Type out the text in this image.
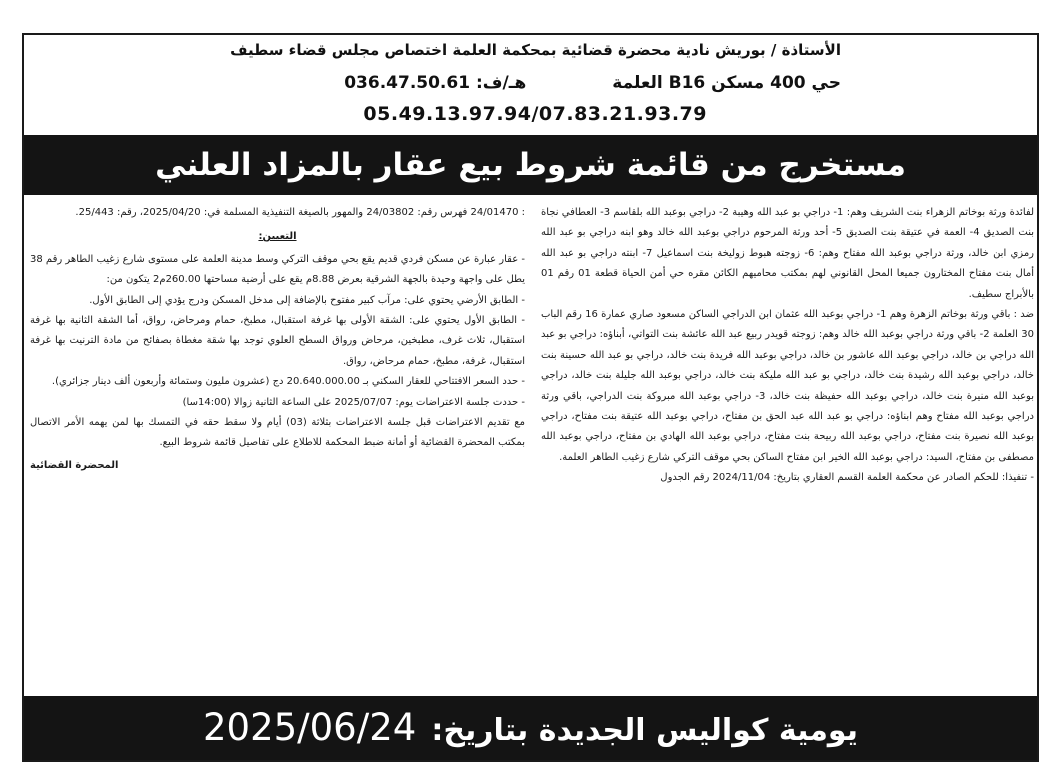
الأستاذة / بوريش نادية محضرة قضائية بمحكمة العلمة اختصاص مجلس قضاء سطيف
حي 400 مسكن B16 العلمة هـ/ف: 036.47.50.61
05.49.13.97.94/07.83.21.93.79
مستخرج من قائمة شروط بيع عقار بالمزاد العلني

لفائدة ورثة بوخاتم الزهراء بنت الشريف وهم: 1- دراجي بو عبد الله وهيبة 2- دراجي بوعبد الله بلقاسم 3- العطافي نجاة بنت الصديق 4- العمة في عتيقة بنت الصديق 5- أحد ورثة المرحوم دراجي بوعبد الله خالد وهو ابنه دراجي بو عبد الله رمزي ابن خالد، ورثة دراجي بوعبد الله مفتاح وهم: 6- زوجته هبوط زوليخة بنت اسماعيل 7- ابنته دراجي بو عبد الله أمال بنت مفتاح المختارون جميعا المحل القانوني لهم بمكتب محاميهم الكائن مقره حي أمن الحياة قطعة 01 رقم 01 بالأبراج سطيف.

ضد : باقي ورثة بوخاتم الزهرة وهم 1- دراجي بوعبد الله عثمان ابن الدراجي الساكن مسعود صاري عمارة 16 رقم الباب 30 العلمة 2- باقي ورثة دراجي بوعبد الله خالد وهم: زوجته قويدر ربيع عبد الله عائشة بنت التواتي، أبناؤه: دراجي بو عبد الله دراجي بن خالد، دراجي بوعبد الله عاشور بن خالد، دراجي بوعبد الله فريدة بنت خالد، دراجي بو عبد الله حسينة بنت خالد، دراجي بوعبد الله رشيدة بنت خالد، دراجي بو عبد الله مليكة بنت خالد، دراجي بوعبد الله جليلة بنت خالد، دراجي بوعبد الله منيرة بنت خالد، دراجي بوعبد الله حفيظة بنت خالد، 3- دراجي بوعبد الله مبروكة بنت الدراجي، باقي ورثة دراجي بوعبد الله مفتاح وهم ابناؤه: دراجي بو عبد الله عبد الحق بن مفتاح، دراجي بوعبد الله عتيقة بنت مفتاح، دراجي بوعبد الله نصيرة بنت مفتاح، دراجي بوعبد الله ربيحة بنت مفتاح، دراجي بوعبد الله الهادي بن مفتاح، دراجي بوعبد الله مصطفى بن مفتاح، السيد: دراجي بوعبد الله الخير ابن مفتاح الساكن بحي موقف التركي شارع زغيب الطاهر العلمة.

- تنفيذا: للحكم الصادر عن محكمة العلمة القسم العقاري بتاريخ: 2024/11/04 رقم الجدول

: 24/01470 فهرس رقم: 24/03802 والمهور بالصيغة التنفيذية المسلمة في: 2025/04/20، رقم: 25/443.

التعيين:

- عقار عبارة عن مسكن فردي قديم يقع بحي موقف التركي وسط مدينة العلمة على مستوى شارع زغيب الطاهر رقم 38 يطل على واجهة وحيدة بالجهة الشرقية بعرض 8.88م يقع على أرضية مساحتها 260.00م2 يتكون من:

- الطابق الأرضي يحتوي على: مرآب كبير مفتوح بالإضافة إلى مدخل المسكن ودرج يؤدي إلى الطابق الأول.

- الطابق الأول يحتوي على: الشقة الأولى بها غرفة استقبال، مطبخ، حمام ومرحاض، رواق، أما الشقة الثانية بها غرفة استقبال، ثلاث غرف، مطبخين، مرحاض ورواق السطح العلوي توجد بها شقة مغطاة بصفائح من مادة الترنيت بها غرفة استقبال، غرفة، مطبخ، حمام مرحاض، رواق.

- حدد السعر الافتتاحي للعقار السكني بـ 20.640.000.00 دج (عشرون مليون وستمائة وأربعون ألف دينار جزائري).

- حددت جلسة الاعتراضات يوم: 2025/07/07 على الساعة الثانية زوالا (14:00سا)

مع تقديم الاعتراضات قبل جلسة الاعتراضات بثلاثة (03) أيام ولا سقط حقه في التمسك بها لمن يهمه الأمر الاتصال بمكتب المحضرة القضائية أو أمانة ضبط المحكمة للاطلاع على تفاصيل قائمة شروط البيع.

المحضرة القضائية

يومية كواليس الجديدة بتاريخ: 2025/06/24
